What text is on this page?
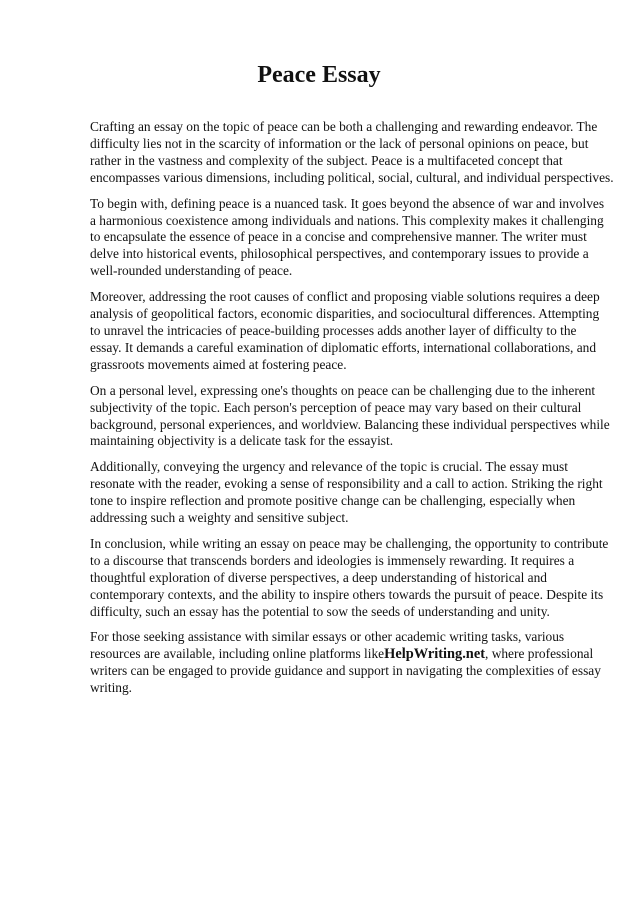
Peace Essay

Crafting an essay on the topic of peace can be both a challenging and rewarding endeavor. The
difficulty lies not in the scarcity of information or the lack of personal opinions on peace, but
rather in the vastness and complexity of the subject. Peace is a multifaceted concept that
encompasses various dimensions, including political, social, cultural, and individual perspectives.

To begin with, defining peace is a nuanced task. It goes beyond the absence of war and involves
a harmonious coexistence among individuals and nations. This complexity makes it challenging
to encapsulate the essence of peace in a concise and comprehensive manner. The writer must
delve into historical events, philosophical perspectives, and contemporary issues to provide a
well-rounded understanding of peace.

Moreover, addressing the root causes of conflict and proposing viable solutions requires a deep
analysis of geopolitical factors, economic disparities, and sociocultural differences. Attempting
to unravel the intricacies of peace-building processes adds another layer of difficulty to the
essay. It demands a careful examination of diplomatic efforts, international collaborations, and
grassroots movements aimed at fostering peace.

On a personal level, expressing one's thoughts on peace can be challenging due to the inherent
subjectivity of the topic. Each person's perception of peace may vary based on their cultural
background, personal experiences, and worldview. Balancing these individual perspectives while
maintaining objectivity is a delicate task for the essayist.

Additionally, conveying the urgency and relevance of the topic is crucial. The essay must
resonate with the reader, evoking a sense of responsibility and a call to action. Striking the right
tone to inspire reflection and promote positive change can be challenging, especially when
addressing such a weighty and sensitive subject.

In conclusion, while writing an essay on peace may be challenging, the opportunity to contribute
to a discourse that transcends borders and ideologies is immensely rewarding. It requires a
thoughtful exploration of diverse perspectives, a deep understanding of historical and
contemporary contexts, and the ability to inspire others towards the pursuit of peace. Despite its
difficulty, such an essay has the potential to sow the seeds of understanding and unity.

For those seeking assistance with similar essays or other academic writing tasks, various
resources are available, including online platforms likeHelpWriting.net, where professional
writers can be engaged to provide guidance and support in navigating the complexities of essay
writing.
